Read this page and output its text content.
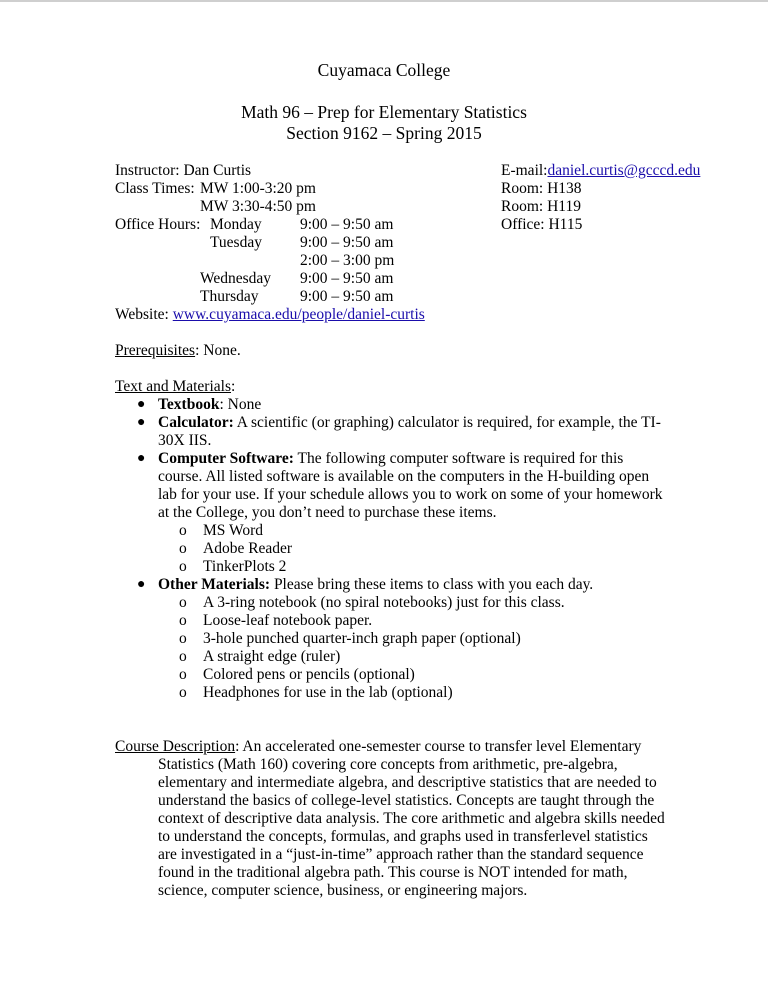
Cuyamaca College
Math 96 – Prep for Elementary Statistics
Section 9162 – Spring 2015
Instructor: Dan Curtis
Class Times: MW 1:00-3:20 pm
MW 3:30-4:50 pm
Office Hours: Monday 9:00 – 9:50 am
Tuesday 9:00 – 9:50 am
2:00 – 3:00 pm
Wednesday 9:00 – 9:50 am
Thursday	9:00 – 9:50 am
Website: www.cuyamaca.edu/people/daniel-curtis
E-mail:daniel.curtis@gcccd.edu
Room: H138
Room: H119
Office: H115
Prerequisites: None.
Text and Materials:
● Textbook: None
● Calculator: A scientific (or graphing) calculator is required, for example, the TI-
30X IIS.
● Computer Software: The following computer software is required for this
course. All listed software is available on the computers in the H-building open
lab for your use. If your schedule allows you to work on some of your homework
at the College, you don’t need to purchase these items.
o MS Word
o Adobe Reader
o TinkerPlots 2
● Other Materials: Please bring these items to class with you each day.
o A 3-ring notebook (no spiral notebooks) just for this class.
o Loose-leaf notebook paper.
o 3-hole punched quarter-inch graph paper (optional)
o A straight edge (ruler)
o Colored pens or pencils (optional)
o Headphones for use in the lab (optional)
Course Description: An accelerated one-semester course to transfer level Elementary
Statistics (Math 160) covering core concepts from arithmetic, pre-algebra,
elementary and intermediate algebra, and descriptive statistics that are needed to
understand the basics of college-level statistics. Concepts are taught through the
context of descriptive data analysis. The core arithmetic and algebra skills needed
to understand the concepts, formulas, and graphs used in transferlevel statistics
are investigated in a “just-in-time” approach rather than the standard sequence
found in the traditional algebra path. This course is NOT intended for math,
science, computer science, business, or engineering majors.
